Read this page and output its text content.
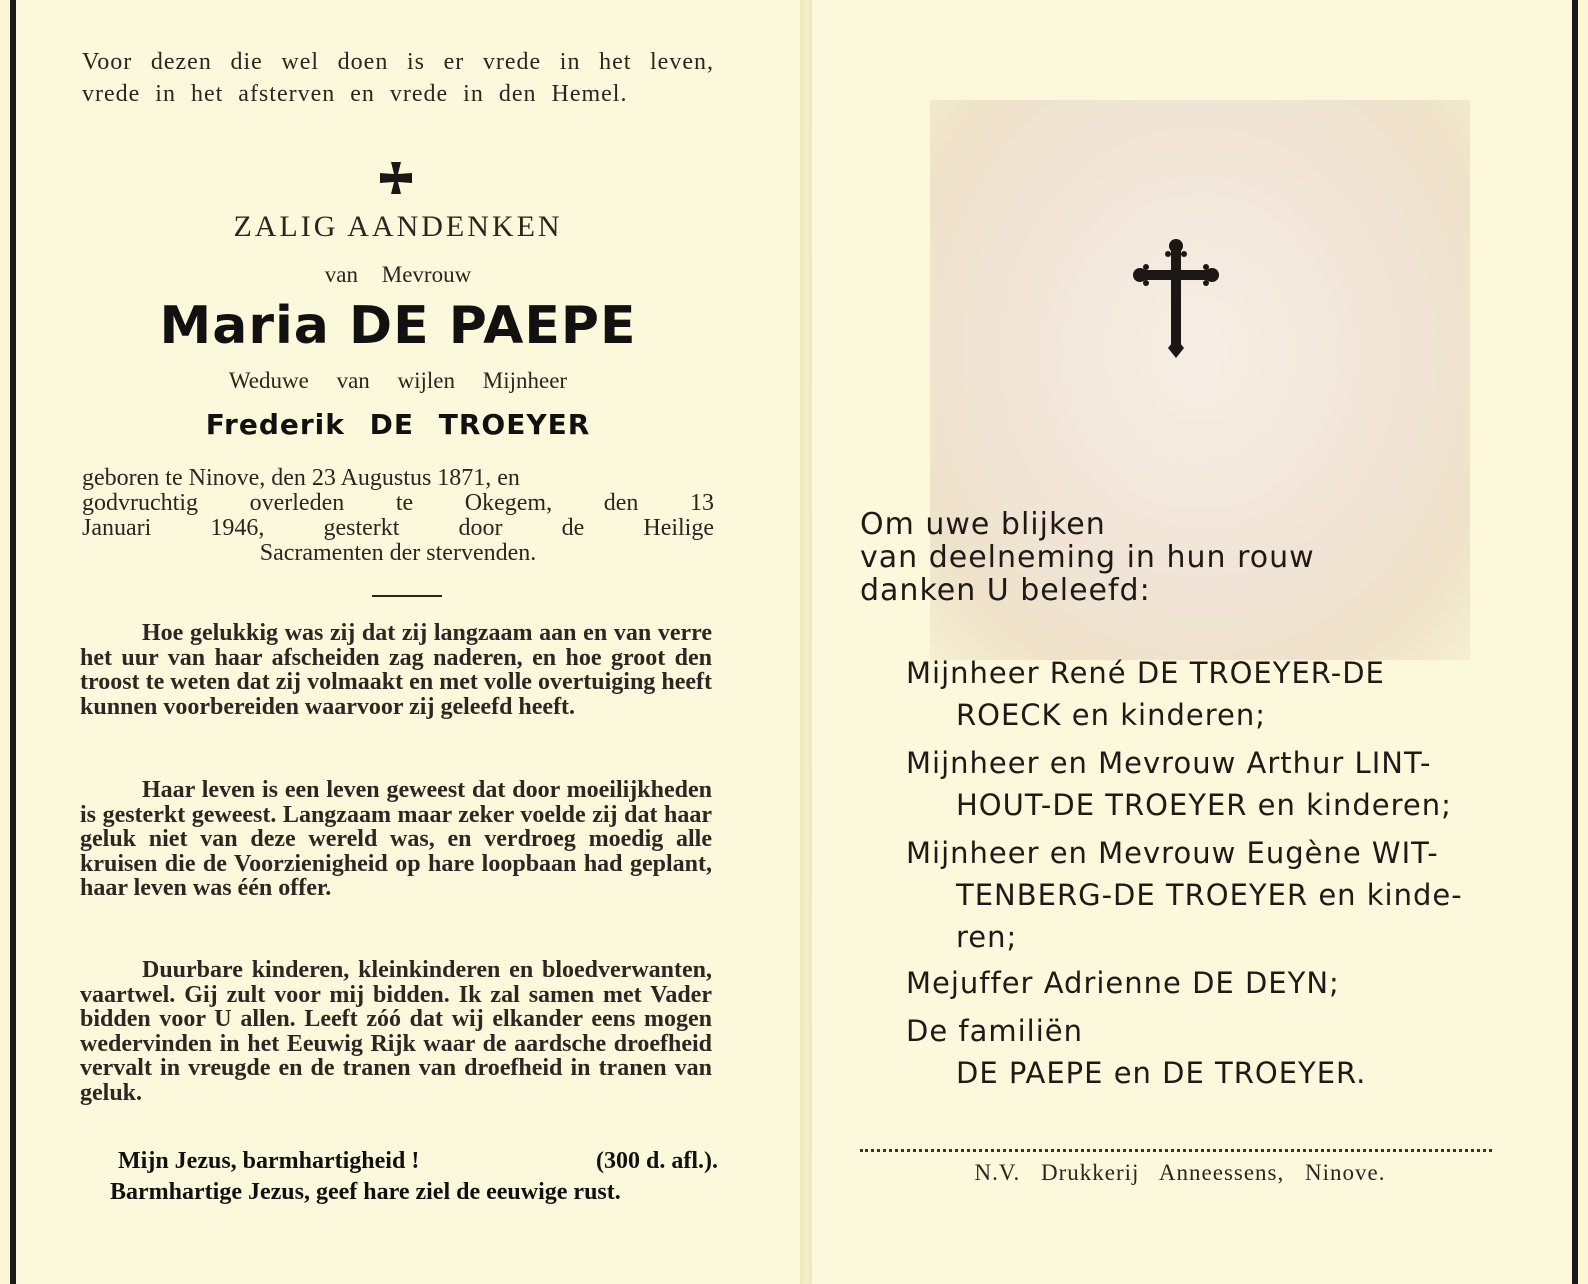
Voor dezen die wel doen is er vrede in het leven, vrede in het afsterven en vrede in den Hemel.
ZALIG AANDENKEN
van Mevrouw
Maria DE PAEPE
Weduwe van wijlen Mijnheer
Frederik DE TROEYER
geboren te Ninove, den 23 Augustus 1871, en
godvruchtig overleden te Okegem, den 13
Januari 1946, gesterkt door de Heilige
Sacramenten der stervenden.
Hoe gelukkig was zij dat zij langzaam aan en van verre het uur van haar afscheiden zag naderen, en hoe groot den troost te weten dat zij volmaakt en met volle overtuiging heeft kunnen voorbereiden waarvoor zij geleefd heeft.
Haar leven is een leven geweest dat door moeilijkheden is gesterkt geweest. Langzaam maar zeker voelde zij dat haar geluk niet van deze wereld was, en verdroeg moedig alle kruisen die de Voorzienigheid op hare loopbaan had geplant, haar leven was één offer.
Duurbare kinderen, kleinkinderen en bloedverwanten, vaartwel. Gij zult voor mij bidden. Ik zal samen met Vader bidden voor U allen. Leeft zóó dat wij elkander eens mogen wedervinden in het Eeuwig Rijk waar de aardsche droefheid vervalt in vreugde en de tranen van droefheid in tranen van geluk.
Mijn Jezus, barmhartigheid !	(300 d. afl.).
Barmhartige Jezus, geef hare ziel de eeuwige rust.
Om uwe blijken
van deelneming in hun rouw
danken U beleefd:
Mijnheer René DE TROEYER-DE
ROECK en kinderen;
Mijnheer en Mevrouw Arthur LINT-
HOUT-DE TROEYER en kinderen;
Mijnheer en Mevrouw Eugène WIT-
TENBERG-DE TROEYER en kinde-
ren;
Mejuffer Adrienne DE DEYN;
De familiën
DE PAEPE en DE TROEYER.
N.V. Drukkerij Anneessens, Ninove.
